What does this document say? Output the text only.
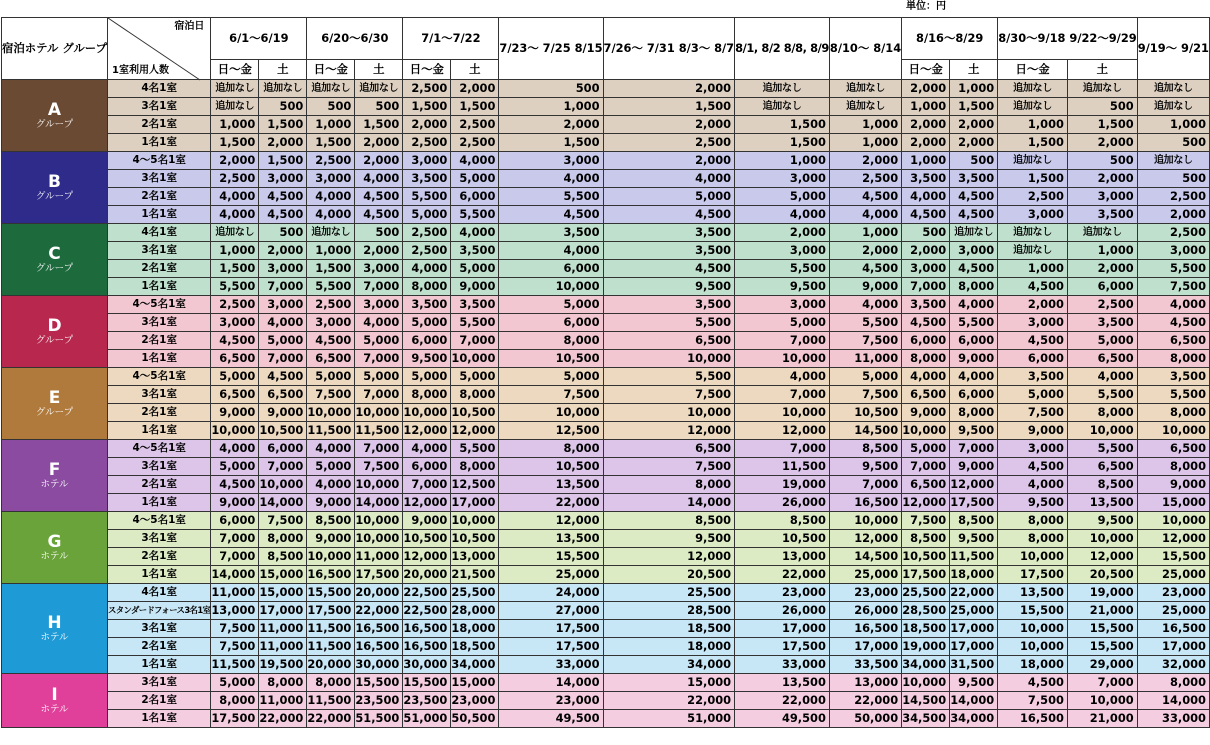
単位：円
宿泊ホテル グループ	宿泊日
1室利用人数	6/1～6/19		6/20～6/30		7/1～7/22		7/23～ 7/25 8/15	7/26～ 7/31 8/3～ 8/7	8/1, 8/2 8/8, 8/9	8/10～ 8/14	8/16～8/29		8/30～9/18 9/22～9/29		9/19～ 9/21
		日～金	土	日～金	土	日～金	土					日～金	土	日～金	土	

A
グループ	4名1室	追加なし	追加なし	追加なし	追加なし	2,500	2,000	500	2,000	追加なし	追加なし	2,000	1,000	追加なし	追加なし	追加なし
	3名1室	追加なし	500	500	500	1,500	1,500	1,000	1,500	追加なし	追加なし	1,000	1,500	追加なし	500	追加なし
	2名1室	1,000	1,500	1,000	1,500	2,000	2,500	2,000	2,000	1,500	1,000	2,000	2,000	1,000	1,500	1,000
	1名1室	1,500	2,000	1,500	2,000	2,500	2,500	1,500	2,500	1,500	1,000	2,000	2,000	1,500	2,000	500

B
グループ	4～5名1室	2,000	1,500	2,500	2,000	3,000	4,000	3,000	2,000	1,000	2,000	1,000	500	追加なし	500	追加なし
	3名1室	2,500	3,000	3,000	4,000	3,500	5,000	4,000	4,000	3,000	2,500	3,500	3,500	1,500	2,000	500
	2名1室	4,000	4,500	4,000	4,500	5,500	6,000	5,500	5,000	5,000	4,500	4,000	4,500	2,500	3,000	2,500
	1名1室	4,000	4,500	4,000	4,500	5,000	5,500	4,500	4,500	4,000	4,000	4,500	4,500	3,000	3,500	2,000

C
グループ	4名1室	追加なし	500	追加なし	500	2,500	4,000	3,500	3,500	2,000	1,000	500	追加なし	追加なし	追加なし	2,500
	3名1室	1,000	2,000	1,000	2,000	2,500	3,500	4,000	3,500	3,000	2,000	2,000	3,000	追加なし	1,000	3,000
	2名1室	1,500	3,000	1,500	3,000	4,000	5,000	6,000	4,500	5,500	4,500	3,000	4,500	1,000	2,000	5,500
	1名1室	5,500	7,000	5,500	7,000	8,000	9,000	10,000	9,500	9,500	9,000	7,000	8,000	4,500	6,000	7,500

D
グループ	4～5名1室	2,500	3,000	2,500	3,000	3,500	3,500	5,000	3,500	3,000	4,000	3,500	4,000	2,000	2,500	4,000
	3名1室	3,000	4,000	3,000	4,000	5,000	5,500	6,000	5,500	5,000	5,500	4,500	5,500	3,000	3,500	4,500
	2名1室	4,500	5,000	4,500	5,000	6,000	7,000	8,000	6,500	7,000	7,500	6,000	6,000	4,500	5,000	6,500
	1名1室	6,500	7,000	6,500	7,000	9,500	10,000	10,500	10,000	10,000	11,000	8,000	9,000	6,000	6,500	8,000

E
グループ	4～5名1室	5,000	4,500	5,000	5,000	5,000	5,000	5,000	5,500	4,000	5,000	4,000	4,000	3,500	4,000	3,500
	3名1室	6,500	6,500	7,500	7,000	8,000	8,000	7,500	7,500	7,000	7,500	6,500	6,000	5,000	5,500	5,500
	2名1室	9,000	9,000	10,000	10,000	10,000	10,500	10,000	10,000	10,000	10,500	9,000	8,000	7,500	8,000	8,000
	1名1室	10,000	10,500	11,500	11,500	12,000	12,000	12,500	12,000	12,000	14,500	10,000	9,500	9,000	10,000	10,000

F
ホテル	4～5名1室	4,000	6,000	4,000	7,000	4,000	5,500	8,000	6,500	7,000	8,500	5,000	7,000	3,000	5,500	6,500
	3名1室	5,000	7,000	5,000	7,500	6,000	8,000	10,500	7,500	11,500	9,500	7,000	9,000	4,500	6,500	8,000
	2名1室	4,500	10,000	4,000	10,000	7,000	12,500	13,500	8,000	19,000	7,000	6,500	12,000	4,000	8,500	9,000
	1名1室	9,000	14,000	9,000	14,000	12,000	17,000	22,000	14,000	26,000	16,500	12,000	17,500	9,500	13,500	15,000

G
ホテル	4～5名1室	6,000	7,500	8,500	10,000	9,000	10,000	12,000	8,500	8,500	10,000	7,500	8,500	8,000	9,500	10,000
	3名1室	7,000	8,000	9,000	10,000	10,500	10,500	13,500	9,500	10,500	12,000	8,500	9,500	8,000	10,000	12,000
	2名1室	7,000	8,500	10,000	11,000	12,000	13,000	15,500	12,000	13,000	14,500	10,500	11,500	10,000	12,000	15,500
	1名1室	14,000	15,000	16,500	17,500	20,000	21,500	25,000	20,500	22,000	25,000	17,500	18,000	17,500	20,500	25,000

H
ホテル	4名1室	11,000	15,000	15,500	20,000	22,500	25,500	24,000	25,500	23,000	23,000	25,500	22,000	13,500	19,000	23,000
	スタンダードフォース3名1室	13,000	17,000	17,500	22,000	22,500	28,000	27,000	28,500	26,000	26,000	28,500	25,000	15,500	21,000	25,000
	3名1室	7,500	11,000	11,500	16,500	16,500	18,000	17,500	18,500	17,000	16,500	18,500	17,000	10,000	15,500	16,500
	2名1室	7,500	11,000	11,500	16,500	16,500	18,500	17,500	18,000	17,500	17,000	19,000	17,000	10,000	15,500	17,000
	1名1室	11,500	19,500	20,000	30,000	30,000	34,000	33,000	34,000	33,000	33,500	34,000	31,500	18,000	29,000	32,000

I
ホテル	3名1室	5,000	8,000	8,000	15,500	15,500	15,000	14,000	15,000	13,500	13,000	10,000	9,500	4,500	7,000	8,000
	2名1室	8,000	11,000	11,500	23,500	23,500	23,000	23,000	22,000	22,000	22,000	14,500	14,000	7,500	10,000	14,000
	1名1室	17,500	22,000	22,000	51,500	51,000	50,500	49,500	51,000	49,500	50,000	34,500	34,000	16,500	21,000	33,000
